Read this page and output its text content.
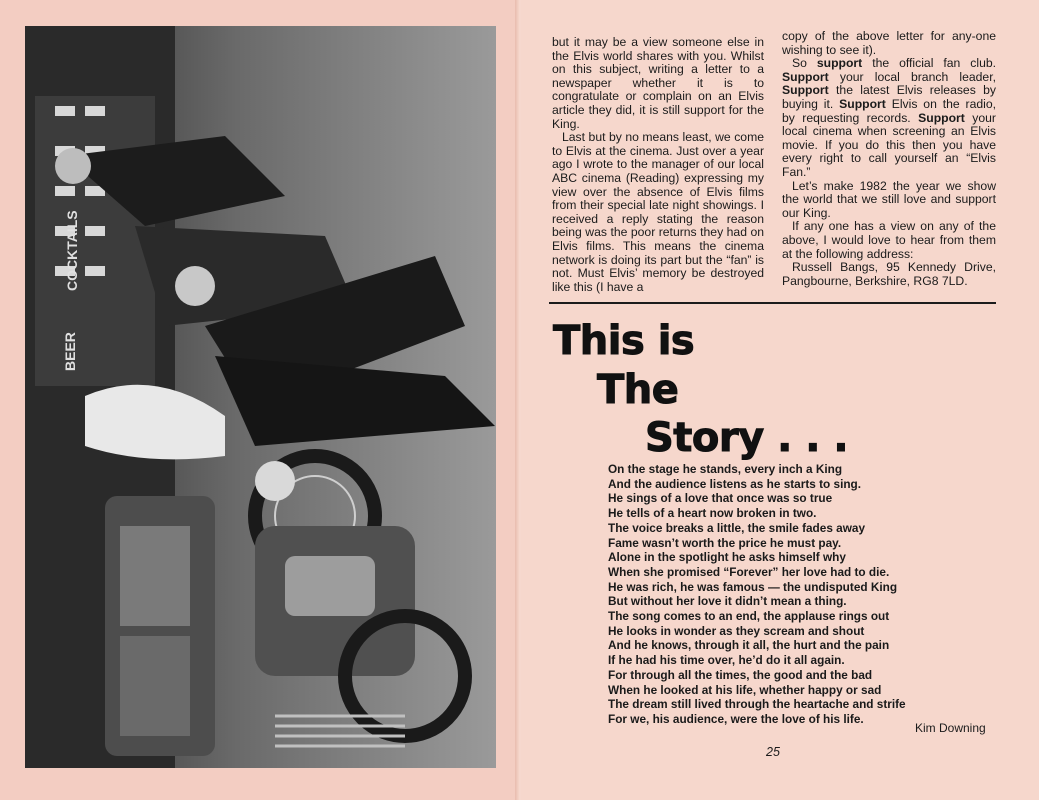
COCKTAILS
BEER

but it may be a view someone else in the Elvis world shares with you. Whilst on this subject, writing a letter to a newspaper whether it is to congratulate or complain on an Elvis article they did, it is still support for the King.

Last but by no means least, we come to Elvis at the cinema. Just over a year ago I wrote to the manager of our local ABC cinema (Reading) expressing my view over the absence of Elvis films from their special late night showings. I received a reply stating the reason being was the poor returns they had on Elvis films. This means the cinema network is doing its part but the “fan” is not. Must Elvis’ memory be destroyed like this (I have a

copy of the above letter for any-one wishing to see it).

So support the official fan club. Support your local branch leader, Support the latest Elvis releases by buying it. Support Elvis on the radio, by requesting records. Support your local cinema when screening an Elvis movie. If you do this then you have every right to call yourself an “Elvis Fan.”

Let’s make 1982 the year we show the world that we still love and support our King.

If any one has a view on any of the above, I would love to hear from them at the following address:

Russell Bangs, 95 Kennedy Drive, Pangbourne, Berkshire, RG8 7LD.

This is
The
Story . . .
On the stage he stands, every inch a King
And the audience listens as he starts to sing.
He sings of a love that once was so true
He tells of a heart now broken in two.
The voice breaks a little, the smile fades away
Fame wasn’t worth the price he must pay.
Alone in the spotlight he asks himself why
When she promised “Forever” her love had to die.
He was rich, he was famous — the undisputed King
But without her love it didn’t mean a thing.
The song comes to an end, the applause rings out
He looks in wonder as they scream and shout
And he knows, through it all, the hurt and the pain
If he had his time over, he’d do it all again.
For through all the times, the good and the bad
When he looked at his life, whether happy or sad
The dream still lived through the heartache and strife
For we, his audience, were the love of his life.
Kim Downing
25
